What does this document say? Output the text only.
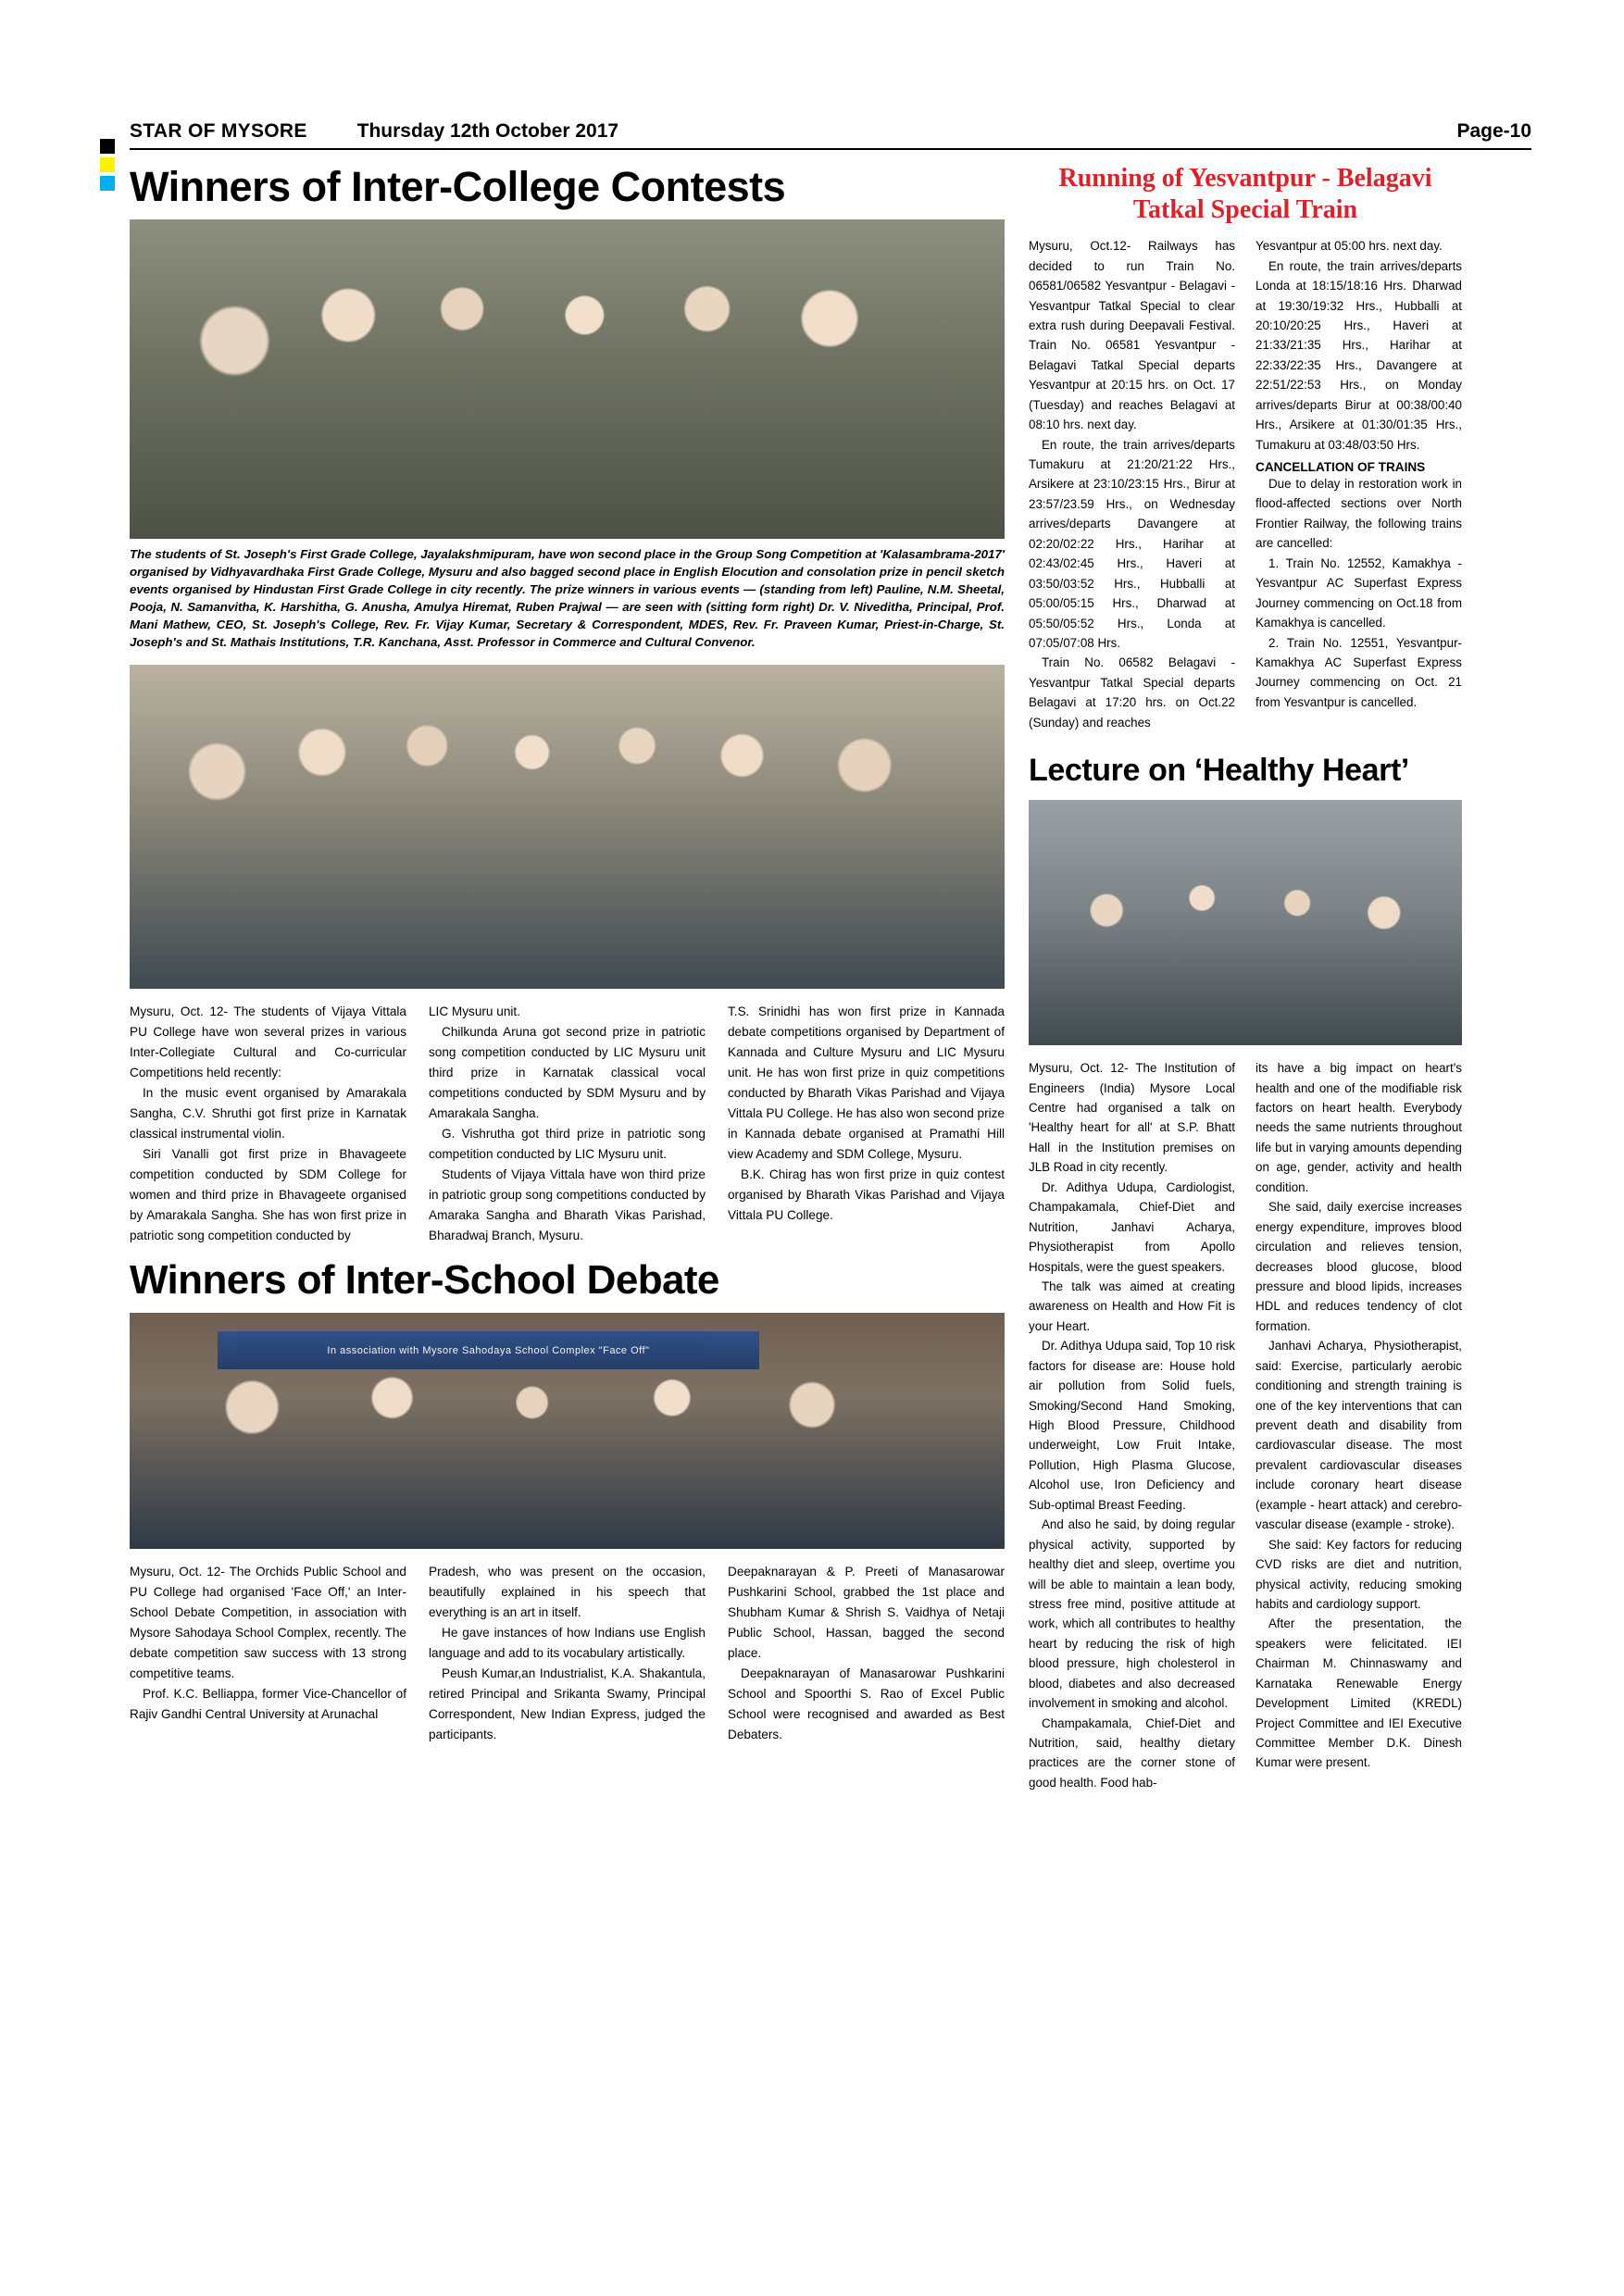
STAR OF MYSORE	Thursday 12th October 2017	Page-10
Winners of Inter-College Contests
The students of St. Joseph's First Grade College, Jayalakshmipuram, have won second place in the Group Song Competition at 'Kalasambrama-2017' organised by Vidhyavardhaka First Grade College, Mysuru and also bagged second place in English Elocution and consolation prize in pencil sketch events organised by Hindustan First Grade College in city recently. The prize winners in various events — (standing from left) Pauline, N.M. Sheetal, Pooja, N. Samanvitha, K. Harshitha, G. Anusha, Amulya Hiremat, Ruben Prajwal — are seen with (sitting form right) Dr. V. Niveditha, Principal, Prof. Mani Mathew, CEO, St. Joseph's College, Rev. Fr. Vijay Kumar, Secretary & Correspondent, MDES, Rev. Fr. Praveen Kumar, Priest-in-Charge, St. Joseph's and St. Mathais Institutions, T.R. Kanchana, Asst. Professor in Commerce and Cultural Convenor.

Mysuru, Oct. 12- The students of Vijaya Vittala PU College have won several prizes in various Inter-Collegiate Cultural and Co-curricular Competitions held recently:

In the music event organised by Amarakala Sangha, C.V. Shruthi got first prize in Karnatak classical instrumental violin.

Siri Vanalli got first prize in Bhavageete competition conducted by SDM College for women and third prize in Bhavageete organised by Amarakala Sangha. She has won first prize in patriotic song competition conducted by

LIC Mysuru unit.

Chilkunda Aruna got second prize in patriotic song competition conducted by LIC Mysuru unit third prize in Karnatak classical vocal competitions conducted by SDM Mysuru and by Amarakala Sangha.

G. Vishrutha got third prize in patriotic song competition conducted by LIC Mysuru unit.

Students of Vijaya Vittala have won third prize in patriotic group song competitions conducted by Amaraka Sangha and Bharath Vikas Parishad, Bharadwaj Branch, Mysuru.

T.S. Srinidhi has won first prize in Kannada debate competitions organised by Department of Kannada and Culture Mysuru and LIC Mysuru unit. He has won first prize in quiz competitions conducted by Bharath Vikas Parishad and Vijaya Vittala PU College. He has also won second prize in Kannada debate organised at Pramathi Hill view Academy and SDM College, Mysuru.

B.K. Chirag has won first prize in quiz contest organised by Bharath Vikas Parishad and Vijaya Vittala PU College.

Winners of Inter-School Debate
In association with Mysore Sahodaya School Complex "Face Off"

Mysuru, Oct. 12- The Orchids Public School and PU College had organised 'Face Off,' an Inter-School Debate Competition, in association with Mysore Sahodaya School Complex, recently. The debate competition saw success with 13 strong competitive teams.

Prof. K.C. Belliappa, former Vice-Chancellor of Rajiv Gandhi Central University at Arunachal

Pradesh, who was present on the occasion, beautifully explained in his speech that everything is an art in itself.

He gave instances of how Indians use English language and add to its vocabulary artistically.

Peush Kumar,an Industrialist, K.A. Shakantula, retired Principal and Srikanta Swamy, Principal Correspondent, New Indian Express, judged the participants.

Deepaknarayan & P. Preeti of Manasarowar Pushkarini School, grabbed the 1st place and Shubham Kumar & Shrish S. Vaidhya of Netaji Public School, Hassan, bagged the second place.

Deepaknarayan of Manasarowar Pushkarini School and Spoorthi S. Rao of Excel Public School were recognised and awarded as Best Debaters.

Running of Yesvantpur - Belagavi Tatkal Special Train

Mysuru, Oct.12- Railways has decided to run Train No. 06581/06582 Yesvantpur - Belagavi - Yesvantpur Tatkal Special to clear extra rush during Deepavali Festival. Train No. 06581 Yesvantpur - Belagavi Tatkal Special departs Yesvantpur at 20:15 hrs. on Oct. 17 (Tuesday) and reaches Belagavi at 08:10 hrs. next day.

En route, the train arrives/departs Tumakuru at 21:20/21:22 Hrs., Arsikere at 23:10/23:15 Hrs., Birur at 23:57/23.59 Hrs., on Wednesday arrives/departs Davangere at 02:20/02:22 Hrs., Harihar at 02:43/02:45 Hrs., Haveri at 03:50/03:52 Hrs., Hubballi at 05:00/05:15 Hrs., Dharwad at 05:50/05:52 Hrs., Londa at 07:05/07:08 Hrs.

Train No. 06582 Belagavi - Yesvantpur Tatkal Special departs Belagavi at 17:20 hrs. on Oct.22 (Sunday) and reaches

Yesvantpur at 05:00 hrs. next day.

En route, the train arrives/departs Londa at 18:15/18:16 Hrs. Dharwad at 19:30/19:32 Hrs., Hubballi at 20:10/20:25 Hrs., Haveri at 21:33/21:35 Hrs., Harihar at 22:33/22:35 Hrs., Davangere at 22:51/22:53 Hrs., on Monday arrives/departs Birur at 00:38/00:40 Hrs., Arsikere at 01:30/01:35 Hrs., Tumakuru at 03:48/03:50 Hrs.

CANCELLATION OF TRAINS

Due to delay in restoration work in flood-affected sections over North Frontier Railway, the following trains are cancelled:

1. Train No. 12552, Kamakhya - Yesvantpur AC Superfast Express Journey commencing on Oct.18 from Kamakhya is cancelled.

2. Train No. 12551, Yesvantpur- Kamakhya AC Superfast Express Journey commencing on Oct. 21 from Yesvantpur is cancelled.

Lecture on ‘Healthy Heart’

Mysuru, Oct. 12- The Institution of Engineers (India) Mysore Local Centre had organised a talk on 'Healthy heart for all' at S.P. Bhatt Hall in the Institution premises on JLB Road in city recently.

Dr. Adithya Udupa, Cardiologist, Champakamala, Chief-Diet and Nutrition, Janhavi Acharya, Physiotherapist from Apollo Hospitals, were the guest speakers.

The talk was aimed at creating awareness on Health and How Fit is your Heart.

Dr. Adithya Udupa said, Top 10 risk factors for disease are: House hold air pollution from Solid fuels, Smoking/Second Hand Smoking, High Blood Pressure, Childhood underweight, Low Fruit Intake, Pollution, High Plasma Glucose, Alcohol use, Iron Deficiency and Sub-optimal Breast Feeding.

And also he said, by doing regular physical activity, supported by healthy diet and sleep, overtime you will be able to maintain a lean body, stress free mind, positive attitude at work, which all contributes to healthy heart by reducing the risk of high blood pressure, high cholesterol in blood, diabetes and also decreased involvement in smoking and alcohol.

Champakamala, Chief-Diet and Nutrition, said, healthy dietary practices are the corner stone of good health. Food hab-

its have a big impact on heart's health and one of the modifiable risk factors on heart health. Everybody needs the same nutrients throughout life but in varying amounts depending on age, gender, activity and health condition.

She said, daily exercise increases energy expenditure, improves blood circulation and relieves tension, decreases blood glucose, blood pressure and blood lipids, increases HDL and reduces tendency of clot formation.

Janhavi Acharya, Physiotherapist, said: Exercise, particularly aerobic conditioning and strength training is one of the key interventions that can prevent death and disability from cardiovascular disease. The most prevalent cardiovascular diseases include coronary heart disease (example - heart attack) and cerebro-vascular disease (example - stroke).

She said: Key factors for reducing CVD risks are diet and nutrition, physical activity, reducing smoking habits and cardiology support.

After the presentation, the speakers were felicitated. IEI Chairman M. Chinnaswamy and Karnataka Renewable Energy Development Limited (KREDL) Project Committee and IEI Executive Committee Member D.K. Dinesh Kumar were present.
